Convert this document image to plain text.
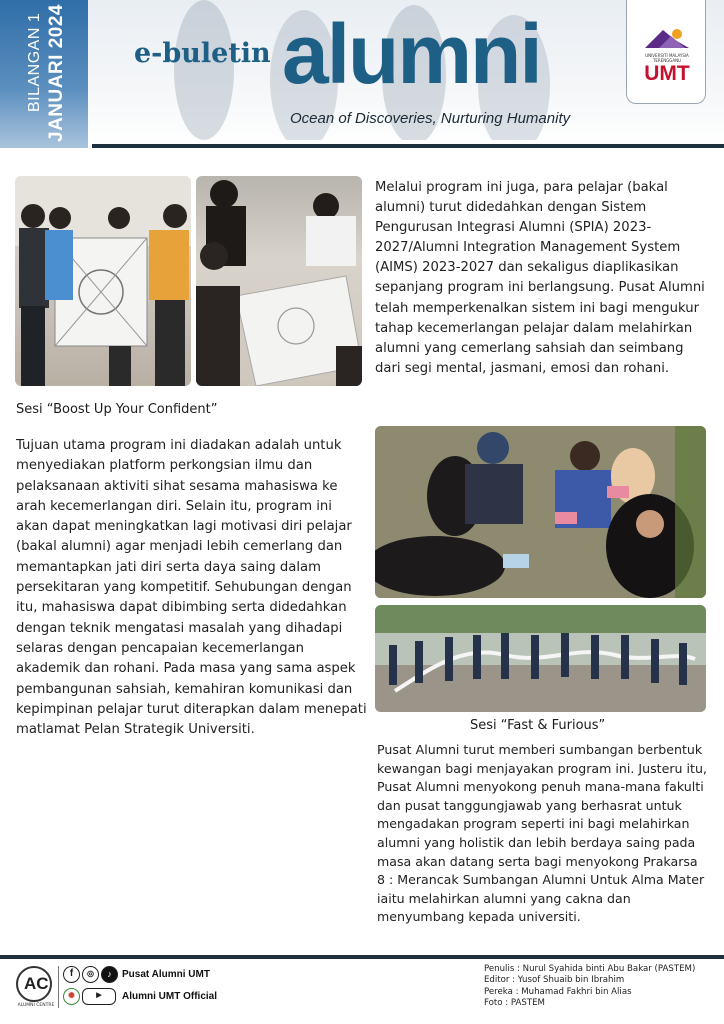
BILANGAN 1 JANUARI 2024 e-buletin alumni
Ocean of Discoveries, Nurturing Humanity
UNIVERSITI MALAYSIA TERENGGANU
UMT
Sesi “Boost Up Your Confident”
Sesi “Fast & Furious”
Tujuan utama program ini diadakan adalah untuk menyediakan platform perkongsian ilmu dan pelaksanaan aktiviti sihat sesama mahasiswa ke arah kecemerlangan diri. Selain itu, program ini akan dapat meningkatkan lagi motivasi diri pelajar (bakal alumni) agar menjadi lebih cemerlang dan memantapkan jati diri serta daya saing dalam persekitaran yang kompetitif. Sehubungan dengan itu, mahasiswa dapat dibimbing serta didedahkan dengan teknik mengatasi masalah yang dihadapi selaras dengan pencapaian kecemerlangan akademik dan rohani. Pada masa yang sama aspek pembangunan sahsiah, kemahiran komunikasi dan kepimpinan pelajar turut diterapkan dalam menepati matlamat Pelan Strategik Universiti.
Melalui program ini juga, para pelajar (bakal alumni) turut didedahkan dengan Sistem Pengurusan Integrasi Alumni (SPIA) 2023-2027/Alumni Integration Management System (AIMS) 2023-2027 dan sekaligus diaplikasikan sepanjang program ini berlangsung. Pusat Alumni telah memperkenalkan sistem ini bagi mengukur tahap kecemerlangan pelajar dalam melahirkan alumni yang cemerlang sahsiah dan seimbang dari segi mental, jasmani, emosi dan rohani.
Pusat Alumni turut memberi sumbangan berbentuk kewangan bagi menjayakan program ini. Justeru itu, Pusat Alumni menyokong penuh mana-mana fakulti dan pusat tanggungjawab yang berhasrat untuk mengadakan program seperti ini bagi melahirkan alumni yang holistik dan lebih berdaya saing pada masa akan datang serta bagi menyokong Prakarsa 8 : Merancak Sumbangan Alumni Untuk Alma Mater iaitu melahirkan alumni yang cakna dan menyumbang kepada universiti.
AC
ALUMNI CENTRE
f	◎	♪	Pusat Alumni UMT
✺	▶	Alumni UMT Official
Penulis : Nurul Syahida binti Abu Bakar (PASTEM)
Editor : Yusof Shuaib bin Ibrahim
Pereka : Muhamad Fakhri bin Alias
Foto : PASTEM
